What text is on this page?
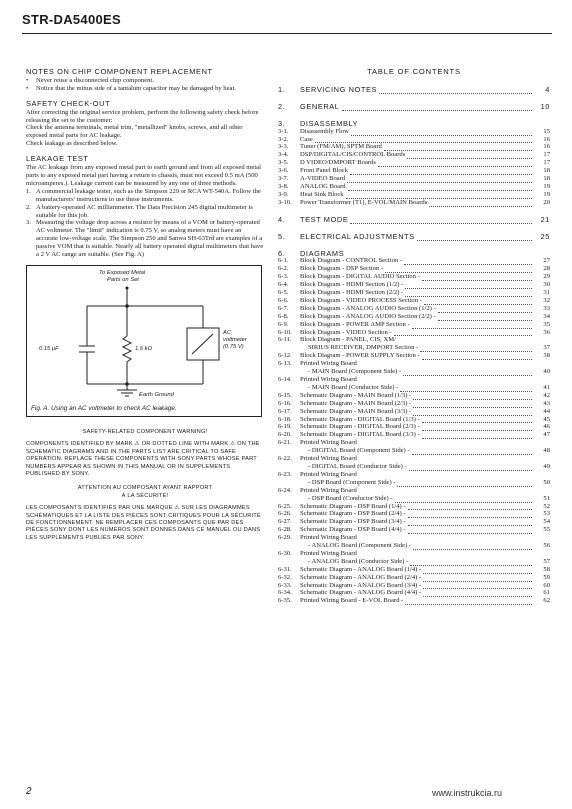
STR-DA5400ES
NOTES ON CHIP COMPONENT REPLACEMENT
•	Never reuse a disconnected chip component.
•	Notice that the minus side of a tantalum capacitor may be damaged by heat.
SAFETY CHECK-OUT

After correcting the original service problem, perform the following safety check before releasing the set to the customer:

Check the antenna terminals, metal trim, "metallized" knobs, screws, and all other exposed metal parts for AC leakage.

Check leakage as described below.

LEAKAGE TEST

The AC leakage from any exposed metal part to earth ground and from all exposed metal parts to any exposed metal part having a return to chassis, must not exceed 0.5 mA (500 microamperes.). Leakage current can be measured by any one of three methods.

1. A commercial leakage tester, such as the Simpson 229 or RCA WT-540A. Follow the manufacturers' instructions to use these instruments.
2. A battery-operated AC milliammeter. The Data Precision 245 digital multimeter is suitable for this job.
3. Measuring the voltage drop across a resistor by means of a VOM or battery-operated AC voltmeter. The "limit" indication is 0.75 V, so analog meters must have an accurate low-voltage scale. The Simpson 250 and Sanwa SH-63Trd are examples of a passive VOM that is suitable. Nearly all battery operated digital multimeters that have a 2 V AC range are suitable. (See Fig. A)
To Exposed Metal
Parts on Set
0.15 μF	1.5 kΩ
AC
voltmeter
(0.75 V)
Earth Ground
Fig. A. Using an AC voltmeter to check AC leakage.
SAFETY-RELATED COMPONENT WARNING!
COMPONENTS IDENTIFIED BY MARK ⚠ OR DOTTED LINE WITH MARK ⚠ ON THE SCHEMATIC DIAGRAMS AND IN THE PARTS LIST ARE CRITICAL TO SAFE OPERATION. REPLACE THESE COMPONENTS WITH SONY PARTS WHOSE PART NUMBERS APPEAR AS SHOWN IN THIS MANUAL OR IN SUPPLEMENTS PUBLISHED BY SONY.
ATTENTION AU COMPOSANT AYANT RAPPORT
À LA SÉCURITÉ!
LES COMPOSANTS IDENTIFIÉS PAR UNE MARQUE ⚠ SUR LES DIAGRAMMES SCHÉMATIQUES ET LA LISTE DES PIÈCES SONT CRITIQUES POUR LA SÉCURITÉ DE FONCTIONNEMENT. NE REMPLACER CES COMPOSANTS QUE PAR DES PIÈCES SONY DONT LES NUMÉROS SONT DONNÉS DANS CE MANUEL OU DANS LES SUPPLÉMENTS PUBLIÉS PAR SONY.
TABLE OF CONTENTS
1.	SERVICING NOTES	4
2.	GENERAL	10
3.	DISASSEMBLY
3-1.	Disassembly Flow	15
3-2.	Case	16
3-3.	Tuner (FM/AM), SPTM Board	16
3-4.	DSP/DIGITAL/CIS/CONTROL Boards	17
3-5.	D VIDEO/DMPORT Boards	17
3-6.	Front Panel Block	18
3-7.	A-VIDEO Board	18
3-8.	ANALOG Board	19
3-9.	Heat Sink Block	19
3-10.	Power Transformer (T1), E-VOL/MAIN Boards	20
4.	TEST MODE	21
5.	ELECTRICAL ADJUSTMENTS	25
6.	DIAGRAMS
6-1.	Block Diagram - CONTROL Section -	27
6-2.	Block Diagram - DSP Section -	28
6-3.	Block Diagram - DIGITAL AUDIO Section -	29
6-4.	Block Diagram - HDMI Section (1/2) -	30
6-5.	Block Diagram - HDMI Section (2/2) -	31
6-6.	Block Diagram - VIDEO PROCESS Section -	32
6-7.	Block Diagram - ANALOG AUDIO Section (1/2) -	33
6-8.	Block Diagram - ANALOG AUDIO Section (2/2) -	34
6-9.	Block Diagram - POWER AMP Section -	35
6-10.	Block Diagram - VIDEO Section -	36
6-11.	Block Diagram - PANEL, CIS, XM/
SIRIUS RECEIVER, DMPORT Section -	37
6-12.	Block Diagram - POWER SUPPLY Section -	38
6-13.	Printed Wiring Board
- MAIN Board (Component Side) -	40
6-14.	Printed Wiring Board
- MAIN Board (Conductor Side) -	41
6-15.	Schematic Diagram - MAIN Board (1/3) -	42
6-16.	Schematic Diagram - MAIN Board (2/3) -	43
6-17.	Schematic Diagram - MAIN Board (3/3) -	44
6-18.	Schematic Diagram - DIGITAL Board (1/3) -	45
6-19.	Schematic Diagram - DIGITAL Board (2/3) -	46
6-20.	Schematic Diagram - DIGITAL Board (3/3) -	47
6-21.	Printed Wiring Board
- DIGITAL Board (Component Side) -	48
6-22.	Printed Wiring Board
- DIGITAL Board (Conductor Side) -	49
6-23.	Printed Wiring Board
- DSP Board (Component Side) -	50
6-24.	Printed Wiring Board
- DSP Board (Conductor Side) -	51
6-25.	Schematic Diagram - DSP Board (1/4) -	52
6-26.	Schematic Diagram - DSP Board (2/4) -	53
6-27.	Schematic Diagram - DSP Board (3/4) -	54
6-28.	Schematic Diagram - DSP Board (4/4) -	55
6-29.	Printed Wiring Board
- ANALOG Board (Component Side) -	56
6-30.	Printed Wiring Board
- ANALOG Board (Conductor Side) -	57
6-31.	Schematic Diagram - ANALOG Board (1/4) -	58
6-32.	Schematic Diagram - ANALOG Board (2/4) -	59
6-33.	Schematic Diagram - ANALOG Board (3/4) -	60
6-34.	Schematic Diagram - ANALOG Board (4/4) -	61
6-35.	Printed Wiring Board - E-VOL Board -	62
2	www.instrukcia.ru
